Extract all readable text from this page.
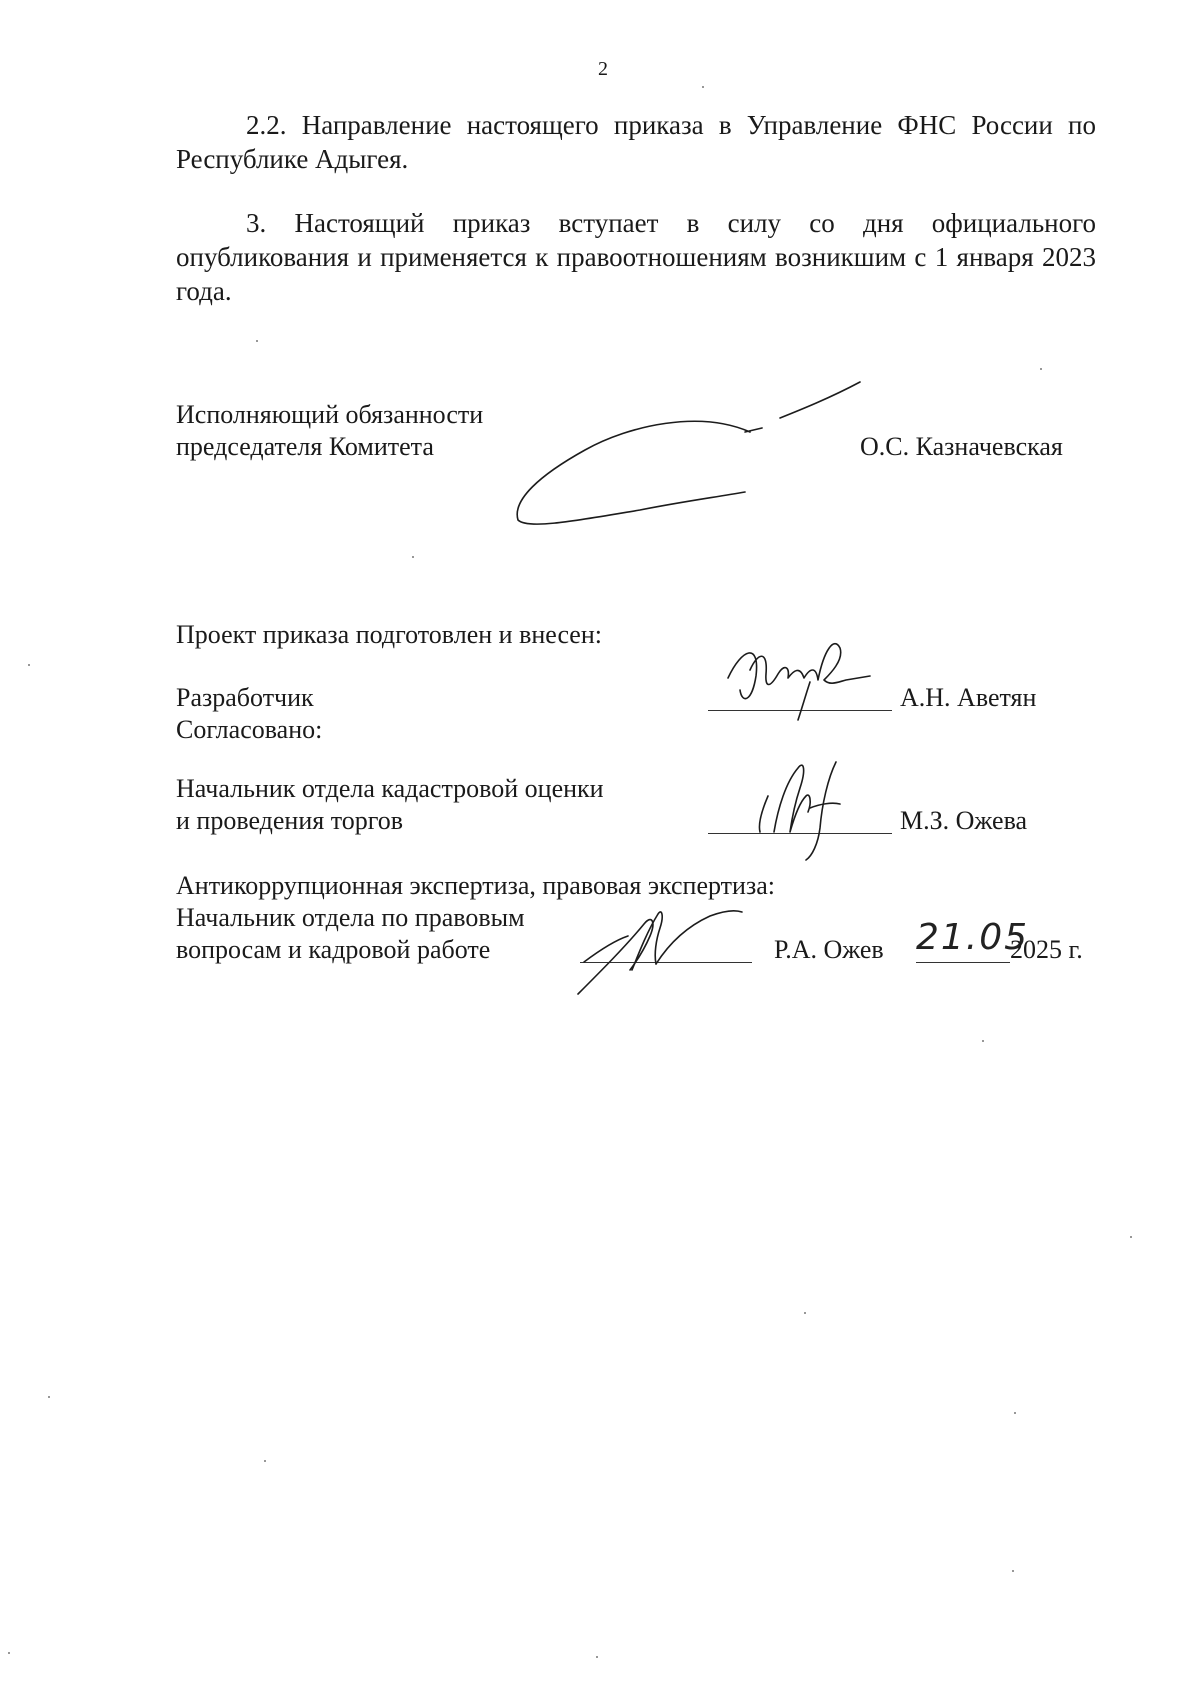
2
2.2. Направление настоящего приказа в Управление ФНС России по Республике Адыгея.
3. Настоящий приказ вступает в силу со дня официального опубликования и применяется к правоотношениям возникшим с 1 января 2023 года.
Исполняющий обязанности
председателя Комитета	О.С. Казначевская
Проект приказа подготовлен и внесен:
Разработчик	А.Н. Аветян
Согласовано:
Начальник отдела кадастровой оценки
и проведения торгов	М.З. Ожева
Антикоррупционная экспертиза, правовая экспертиза:
Начальник отдела по правовым
вопросам и кадровой работе	Р.А. Ожев 21.05
2025 г.
